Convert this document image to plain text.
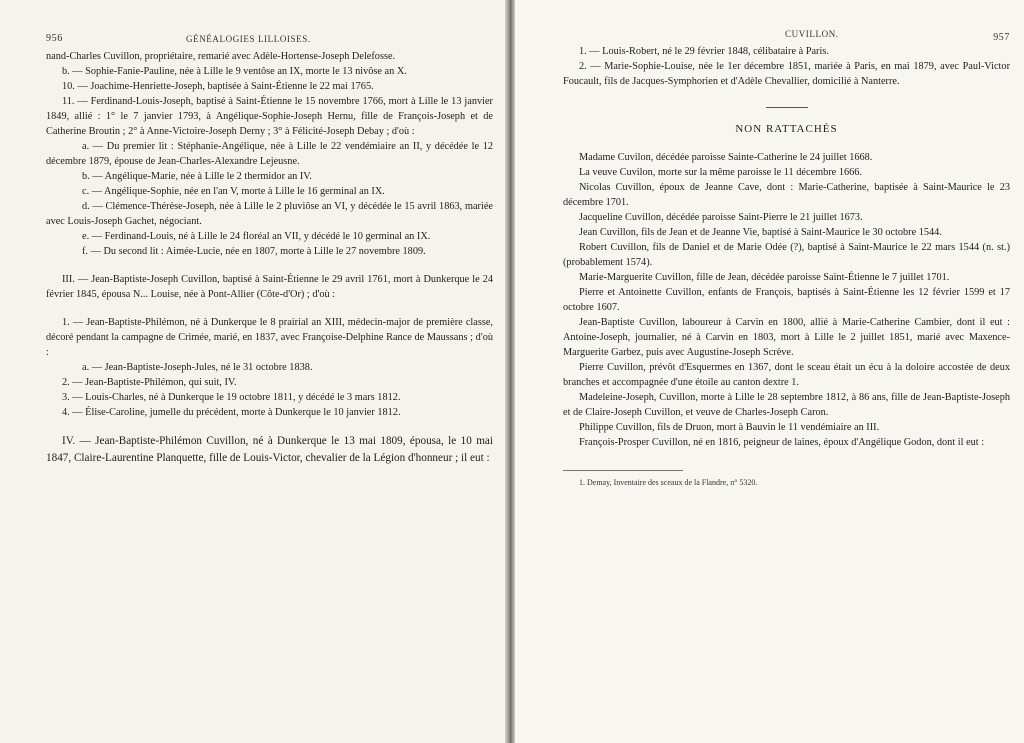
956	GÉNÉALOGIES LILLOISES.

nand-Charles Cuvillon, propriétaire, remarié avec Adèle-Hortense-Joseph Delefosse.

b. — Sophie-Fanie-Pauline, née à Lille le 9 ventôse an IX, morte le 13 nivôse an X.

10. — Joachime-Henriette-Joseph, baptisée à Saint-Étienne le 22 mai 1765.

11. — Ferdinand-Louis-Joseph, baptisé à Saint-Étienne le 15 novembre 1766, mort à Lille le 13 janvier 1849, allié : 1° le 7 janvier 1793, à Angélique-Sophie-Joseph Hernu, fille de François-Joseph et de Catherine Broutin ; 2° à Anne-Victoire-Joseph Derny ; 3° à Félicité-Joseph Debay ; d'où :

a. — Du premier lit : Stéphanie-Angélique, née à Lille le 22 vendémiaire an II, y décédée le 12 décembre 1879, épouse de Jean-Charles-Alexandre Lejeusne.

b. — Angélique-Marie, née à Lille le 2 thermidor an IV.

c. — Angélique-Sophie, née en l'an V, morte à Lille le 16 germinal an IX.

d. — Clémence-Thérèse-Joseph, née à Lille le 2 pluviôse an VI, y décédée le 15 avril 1863, mariée avec Louis-Joseph Gachet, négociant.

e. — Ferdinand-Louis, né à Lille le 24 floréal an VII, y décédé le 10 germinal an IX.

f. — Du second lit : Aimée-Lucie, née en 1807, morte à Lille le 27 novembre 1809.

III. — Jean-Baptiste-Joseph Cuvillon, baptisé à Saint-Étienne le 29 avril 1761, mort à Dunkerque le 24 février 1845, épousa N... Louise, née à Pont-Allier (Côte-d'Or) ; d'où :

1. — Jean-Baptiste-Philémon, né à Dunkerque le 8 prairial an XIII, médecin-major de première classe, décoré pendant la campagne de Crimée, marié, en 1837, avec Françoise-Delphine Rance de Maussans ; d'où :

a. — Jean-Baptiste-Joseph-Jules, né le 31 octobre 1838.

2. — Jean-Baptiste-Philémon, qui suit, IV.

3. — Louis-Charles, né à Dunkerque le 19 octobre 1811, y décédé le 3 mars 1812.

4. — Élise-Caroline, jumelle du précédent, morte à Dunkerque le 10 janvier 1812.

IV. — Jean-Baptiste-Philémon Cuvillon, né à Dunkerque le 13 mai 1809, épousa, le 10 mai 1847, Claire-Laurentine Planquette, fille de Louis-Victor, chevalier de la Légion d'honneur ; il eut :

CUVILLON.	957

1. — Louis-Robert, né le 29 février 1848, célibataire à Paris.

2. — Marie-Sophie-Louise, née le 1er décembre 1851, mariée à Paris, en mai 1879, avec Paul-Victor Foucault, fils de Jacques-Symphorien et d'Adèle Chevallier, domicilié à Nanterre.

NON RATTACHÉS

Madame Cuvilon, décédée paroisse Sainte-Catherine le 24 juillet 1668.

La veuve Cuvilon, morte sur la même paroisse le 11 décembre 1666.

Nicolas Cuvillon, époux de Jeanne Cave, dont : Marie-Catherine, baptisée à Saint-Maurice le 23 décembre 1701.

Jacqueline Cuvillon, décédée paroisse Saint-Pierre le 21 juillet 1673.

Jean Cuvillon, fils de Jean et de Jeanne Vie, baptisé à Saint-Maurice le 30 octobre 1544.

Robert Cuvillon, fils de Daniel et de Marie Odée (?), baptisé à Saint-Maurice le 22 mars 1544 (n. st.) (probablement 1574).

Marie-Marguerite Cuvillon, fille de Jean, décédée paroisse Saint-Étienne le 7 juillet 1701.

Pierre et Antoinette Cuvillon, enfants de François, baptisés à Saint-Étienne les 12 février 1599 et 17 octobre 1607.

Jean-Baptiste Cuvillon, laboureur à Carvin en 1800, allié à Marie-Catherine Cambier, dont il eut : Antoine-Joseph, journalier, né à Carvin en 1803, mort à Lille le 2 juillet 1851, marié avec Maxence-Marguerite Garbez, puis avec Augustine-Joseph Scrève.

Pierre Cuvillon, prévôt d'Esquermes en 1367, dont le sceau était un écu à la doloire accostée de deux branches et accompagnée d'une étoile au canton dextre 1.

Madeleine-Joseph, Cuvillon, morte à Lille le 28 septembre 1812, à 86 ans, fille de Jean-Baptiste-Joseph et de Claire-Joseph Cuvillon, et veuve de Charles-Joseph Caron.

Philippe Cuvillon, fils de Druon, mort à Bauvin le 11 vendémiaire an III.

François-Prosper Cuvillon, né en 1816, peigneur de laines, époux d'Angélique Godon, dont il eut :

1. Demay, Inventaire des sceaux de la Flandre, n° 5320.
